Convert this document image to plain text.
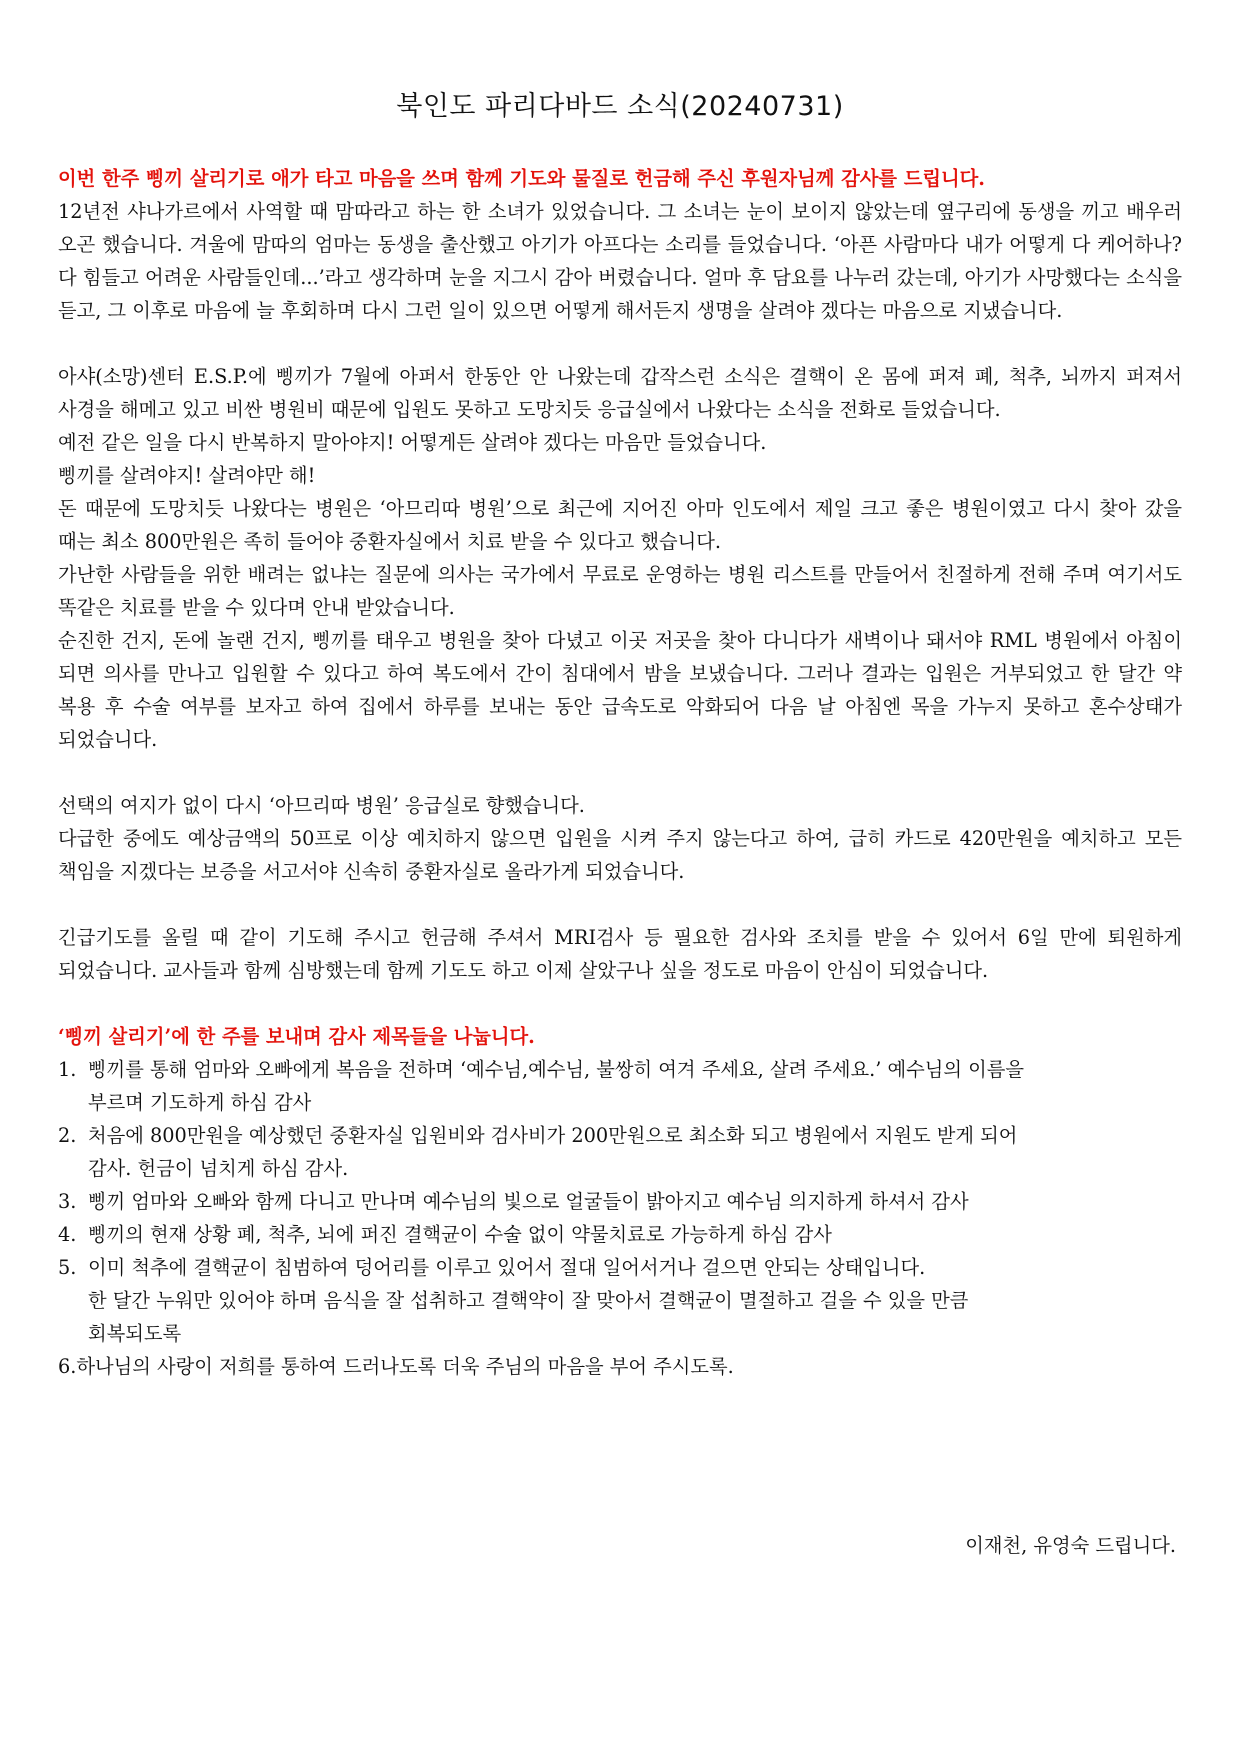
북인도 파리다바드 소식(20240731)

이번 한주 삥끼 살리기로 애가 타고 마음을 쓰며 함께 기도와 물질로 헌금해 주신 후원자님께 감사를 드립니다.

12년전 샤나가르에서 사역할 때 맘따라고 하는 한 소녀가 있었습니다. 그 소녀는 눈이 보이지 않았는데 옆구리에 동생을 끼고 배우러 오곤 했습니다. 겨울에 맘따의 엄마는 동생을 출산했고 아기가 아프다는 소리를 들었습니다. ‘아픈 사람마다 내가 어떻게 다 케어하나? 다 힘들고 어려운 사람들인데...’라고 생각하며 눈을 지그시 감아 버렸습니다. 얼마 후 담요를 나누러 갔는데, 아기가 사망했다는 소식을 듣고, 그 이후로 마음에 늘 후회하며 다시 그런 일이 있으면 어떻게 해서든지 생명을 살려야 겠다는 마음으로 지냈습니다.

아샤(소망)센터 E.S.P.에 삥끼가 7월에 아퍼서 한동안 안 나왔는데 갑작스런 소식은 결핵이 온 몸에 퍼져 폐, 척추, 뇌까지 퍼져서 사경을 해메고 있고 비싼 병원비 때문에 입원도 못하고 도망치듯 응급실에서 나왔다는 소식을 전화로 들었습니다.

예전 같은 일을 다시 반복하지 말아야지! 어떻게든 살려야 겠다는 마음만 들었습니다.

삥끼를 살려야지! 살려야만 해!

돈 때문에 도망치듯 나왔다는 병원은 ‘아므리따 병원’으로 최근에 지어진 아마 인도에서 제일 크고 좋은 병원이였고 다시 찾아 갔을 때는 최소 800만원은 족히 들어야 중환자실에서 치료 받을 수 있다고 했습니다.

가난한 사람들을 위한 배려는 없냐는 질문에 의사는 국가에서 무료로 운영하는 병원 리스트를 만들어서 친절하게 전해 주며 여기서도 똑같은 치료를 받을 수 있다며 안내 받았습니다.

순진한 건지, 돈에 놀랜 건지, 삥끼를 태우고 병원을 찾아 다녔고 이곳 저곳을 찾아 다니다가 새벽이나 돼서야 RML 병원에서 아침이 되면 의사를 만나고 입원할 수 있다고 하여 복도에서 간이 침대에서 밤을 보냈습니다. 그러나 결과는 입원은 거부되었고 한 달간 약 복용 후 수술 여부를 보자고 하여 집에서 하루를 보내는 동안 급속도로 악화되어 다음 날 아침엔 목을 가누지 못하고 혼수상태가 되었습니다.

선택의 여지가 없이 다시 ‘아므리따 병원’ 응급실로 향했습니다.

다급한 중에도 예상금액의 50프로 이상 예치하지 않으면 입원을 시켜 주지 않는다고 하여, 급히 카드로 420만원을 예치하고 모든 책임을 지겠다는 보증을 서고서야 신속히 중환자실로 올라가게 되었습니다.

긴급기도를 올릴 때 같이 기도해 주시고 헌금해 주셔서 MRI검사 등 필요한 검사와 조치를 받을 수 있어서 6일 만에 퇴원하게 되었습니다. 교사들과 함께 심방했는데 함께 기도도 하고 이제 살았구나 싶을 정도로 마음이 안심이 되었습니다.

‘삥끼 살리기’에 한 주를 보내며 감사 제목들을 나눕니다.

1. 삥끼를 통해 엄마와 오빠에게 복음을 전하며 ‘예수님,예수님, 불쌍히 여겨 주세요, 살려 주세요.’ 예수님의 이름을
부르며 기도하게 하심 감사
2. 처음에 800만원을 예상했던 중환자실 입원비와 검사비가 200만원으로 최소화 되고 병원에서 지원도 받게 되어
감사. 헌금이 넘치게 하심 감사.
3. 삥끼 엄마와 오빠와 함께 다니고 만나며 예수님의 빛으로 얼굴들이 밝아지고 예수님 의지하게 하셔서 감사
4. 삥끼의 현재 상황 폐, 척추, 뇌에 퍼진 결핵균이 수술 없이 약물치료로 가능하게 하심 감사
5. 이미 척추에 결핵균이 침범하여 덩어리를 이루고 있어서 절대 일어서거나 걸으면 안되는 상태입니다.
한 달간 누워만 있어야 하며 음식을 잘 섭취하고 결핵약이 잘 맞아서 결핵균이 멸절하고 걸을 수 있을 만큼
회복되도록
6.하나님의 사랑이 저희를 통하여 드러나도록 더욱 주님의 마음을 부어 주시도록.
이재천, 유영숙 드립니다.
